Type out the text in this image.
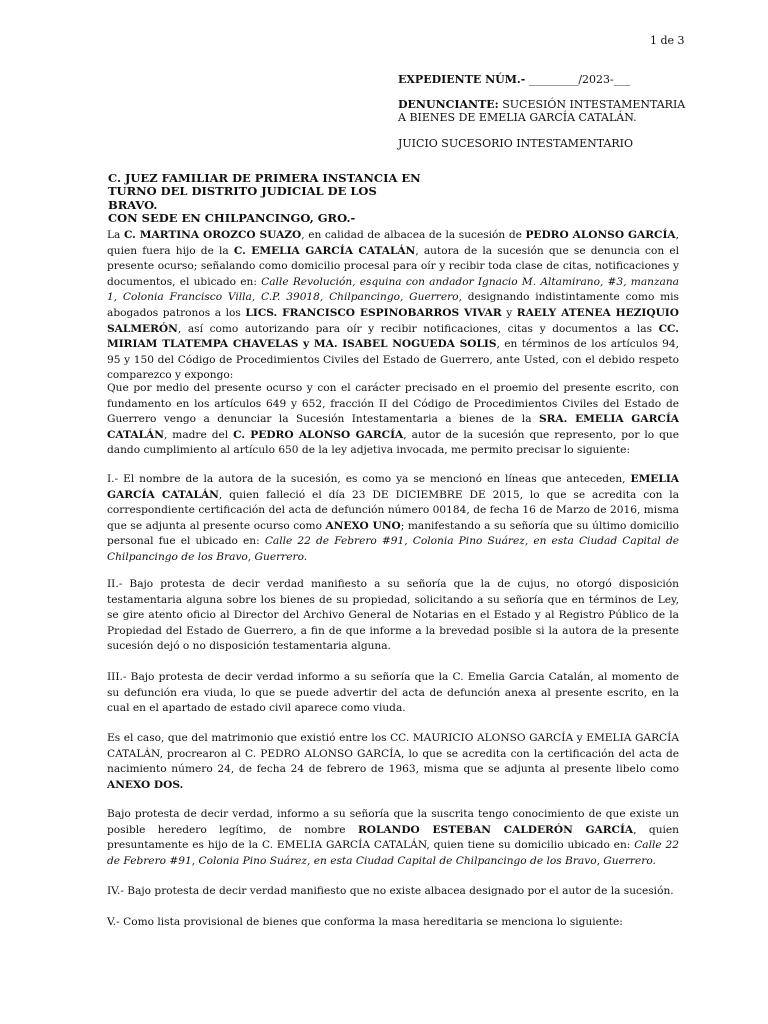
1 de 3

EXPEDIENTE NÚM.- _________/2023-___

DENUNCIANTE: SUCESIÓN INTESTAMENTARIA A BIENES DE EMELIA GARCÍA CATALÁN.

JUICIO SUCESORIO INTESTAMENTARIO

C. JUEZ FAMILIAR DE PRIMERA INSTANCIA EN

TURNO DEL DISTRITO JUDICIAL DE LOS BRAVO.

CON SEDE EN CHILPANCINGO, GRO.-

La C. MARTINA OROZCO SUAZO, en calidad de albacea de la sucesión de PEDRO ALONSO GARCÍA, quien fuera hijo de la C. EMELIA GARCÍA CATALÁN, autora de la sucesión que se denuncia con el presente ocurso; señalando como domicilio procesal para oír y recibir toda clase de citas, notificaciones y documentos, el ubicado en: Calle Revolución, esquina con andador Ignacio M. Altamirano, #3, manzana 1, Colonia Francisco Villa, C.P. 39018, Chilpancingo, Guerrero, designando indistintamente como mis abogados patronos a los LICS. FRANCISCO ESPINOBARROS VIVAR y RAELY ATENEA HEZIQUIO SALMERÓN, así como autorizando para oír y recibir notificaciones, citas y documentos a las CC. MIRIAM TLATEMPA CHAVELAS y MA. ISABEL NOGUEDA SOLIS, en términos de los artículos 94, 95 y 150 del Código de Procedimientos Civiles del Estado de Guerrero, ante Usted, con el debido respeto comparezco y expongo:

Que por medio del presente ocurso y con el carácter precisado en el proemio del presente escrito, con fundamento en los artículos 649 y 652, fracción II del Código de Procedimientos Civiles del Estado de Guerrero vengo a denunciar la Sucesión Intestamentaria a bienes de la SRA. EMELIA GARCÍA CATALÁN, madre del C. PEDRO ALONSO GARCÍA, autor de la sucesión que represento, por lo que dando cumplimiento al artículo 650 de la ley adjetiva invocada, me permito precisar lo siguiente:

I.- El nombre de la autora de la sucesión, es como ya se mencionó en líneas que anteceden, EMELIA GARCÍA CATALÁN, quien falleció el día 23 DE DICIEMBRE DE 2015, lo que se acredita con la correspondiente certificación del acta de defunción número 00184, de fecha 16 de Marzo de 2016, misma que se adjunta al presente ocurso como ANEXO UNO; manifestando a su señoría que su último domicilio personal fue el ubicado en: Calle 22 de Febrero #91, Colonia Pino Suárez, en esta Ciudad Capital de Chilpancingo de los Bravo, Guerrero.

II.- Bajo protesta de decir verdad manifiesto a su señoría que la de cujus, no otorgó disposición testamentaria alguna sobre los bienes de su propiedad, solicitando a su señoría que en términos de Ley, se gire atento oficio al Director del Archivo General de Notarias en el Estado y al Registro Público de la Propiedad del Estado de Guerrero, a fin de que informe a la brevedad posible si la autora de la presente sucesión dejó o no disposición testamentaria alguna.

III.- Bajo protesta de decir verdad informo a su señoría que la C. Emelia Garcia Catalán, al momento de su defunción era viuda, lo que se puede advertir del acta de defunción anexa al presente escrito, en la cual en el apartado de estado civil aparece como viuda.

Es el caso, que del matrimonio que existió entre los CC. MAURICIO ALONSO GARCÍA y EMELIA GARCÍA CATALÁN, procrearon al C. PEDRO ALONSO GARCÍA, lo que se acredita con la certificación del acta de nacimiento número 24, de fecha 24 de febrero de 1963, misma que se adjunta al presente libelo como ANEXO DOS.

Bajo protesta de decir verdad, informo a su señoría que la suscrita tengo conocimiento de que existe un posible heredero legítimo, de nombre ROLANDO ESTEBAN CALDERÓN GARCÍA, quien presuntamente es hijo de la C. EMELIA GARCÍA CATALÁN, quien tiene su domicilio ubicado en: Calle 22 de Febrero #91, Colonia Pino Suárez, en esta Ciudad Capital de Chilpancingo de los Bravo, Guerrero.

IV.- Bajo protesta de decir verdad manifiesto que no existe albacea designado por el autor de la sucesión.

V.- Como lista provisional de bienes que conforma la masa hereditaria se menciona lo siguiente:
